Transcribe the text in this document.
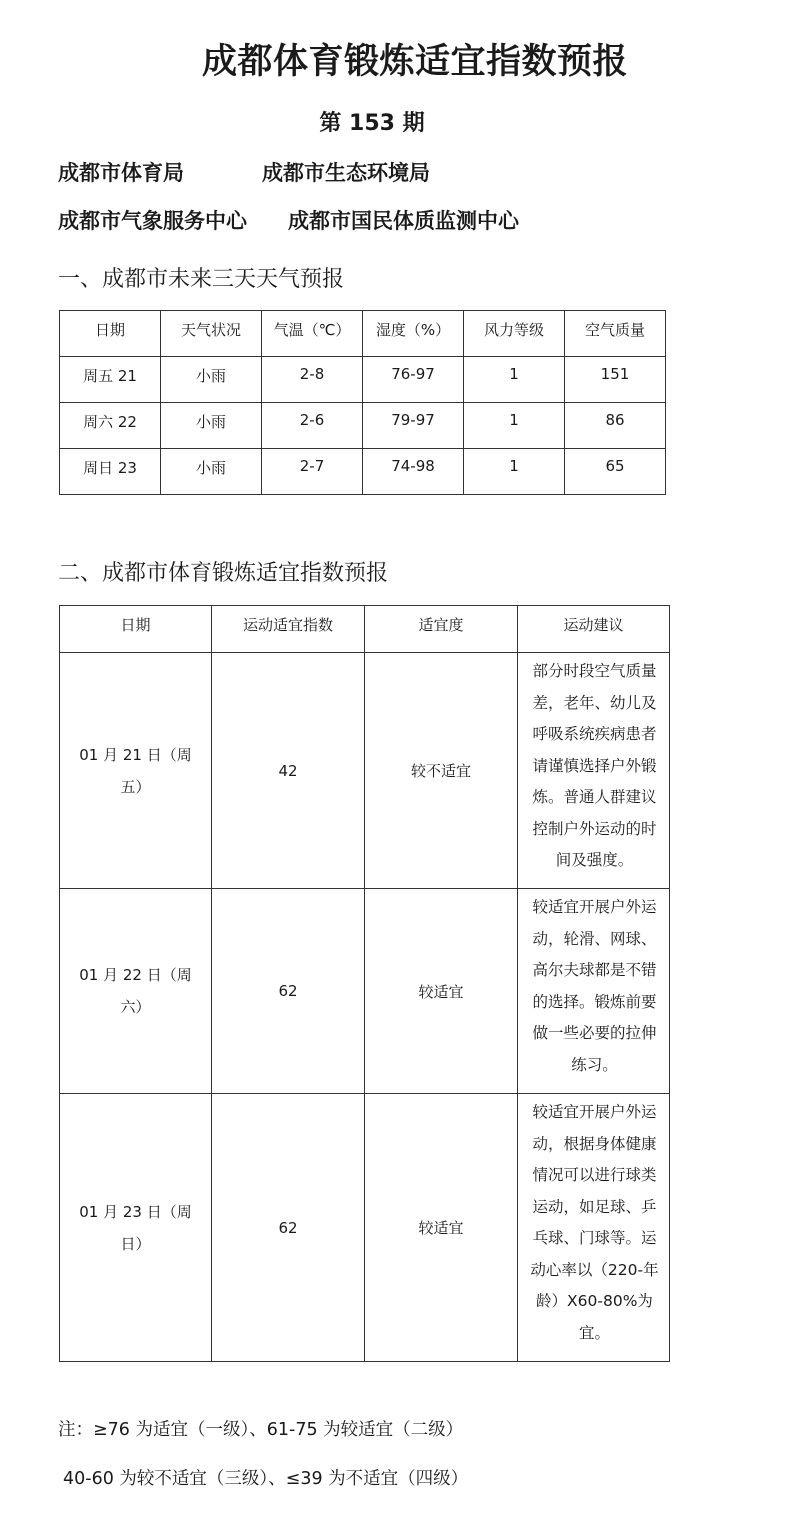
成都体育锻炼适宜指数预报
第 153 期
成都市体育局	成都市生态环境局
成都市气象服务中心 成都市国民体质监测中心
一、成都市未来三天天气预报
日期	天气状况	气温（℃）	湿度（%）	风力等级	空气质量
周五 21	小雨	2-8	76-97	1	151
周六 22	小雨	2-6	79-97	1	86
周日 23	小雨	2-7	74-98	1	65
二、成都市体育锻炼适宜指数预报
日期	运动适宜指数	适宜度	运动建议
01 月 21 日（周五）	42	较不适宜	部分时段空气质量差，老年、幼儿及呼吸系统疾病患者请谨慎选择户外锻炼。普通人群建议控制户外运动的时间及强度。
01 月 22 日（周六）	62	较适宜	较适宜开展户外运动，轮滑、网球、高尔夫球都是不错的选择。锻炼前要做一些必要的拉伸练习。
01 月 23 日（周日）	62	较适宜	较适宜开展户外运动，根据身体健康情况可以进行球类运动，如足球、乒乓球、门球等。运动心率以（220-年龄）X60-80%为宜。
注：≥76 为适宜（一级）、61-75 为较适宜（二级）
40-60 为较不适宜（三级）、≤39 为不适宜（四级）
